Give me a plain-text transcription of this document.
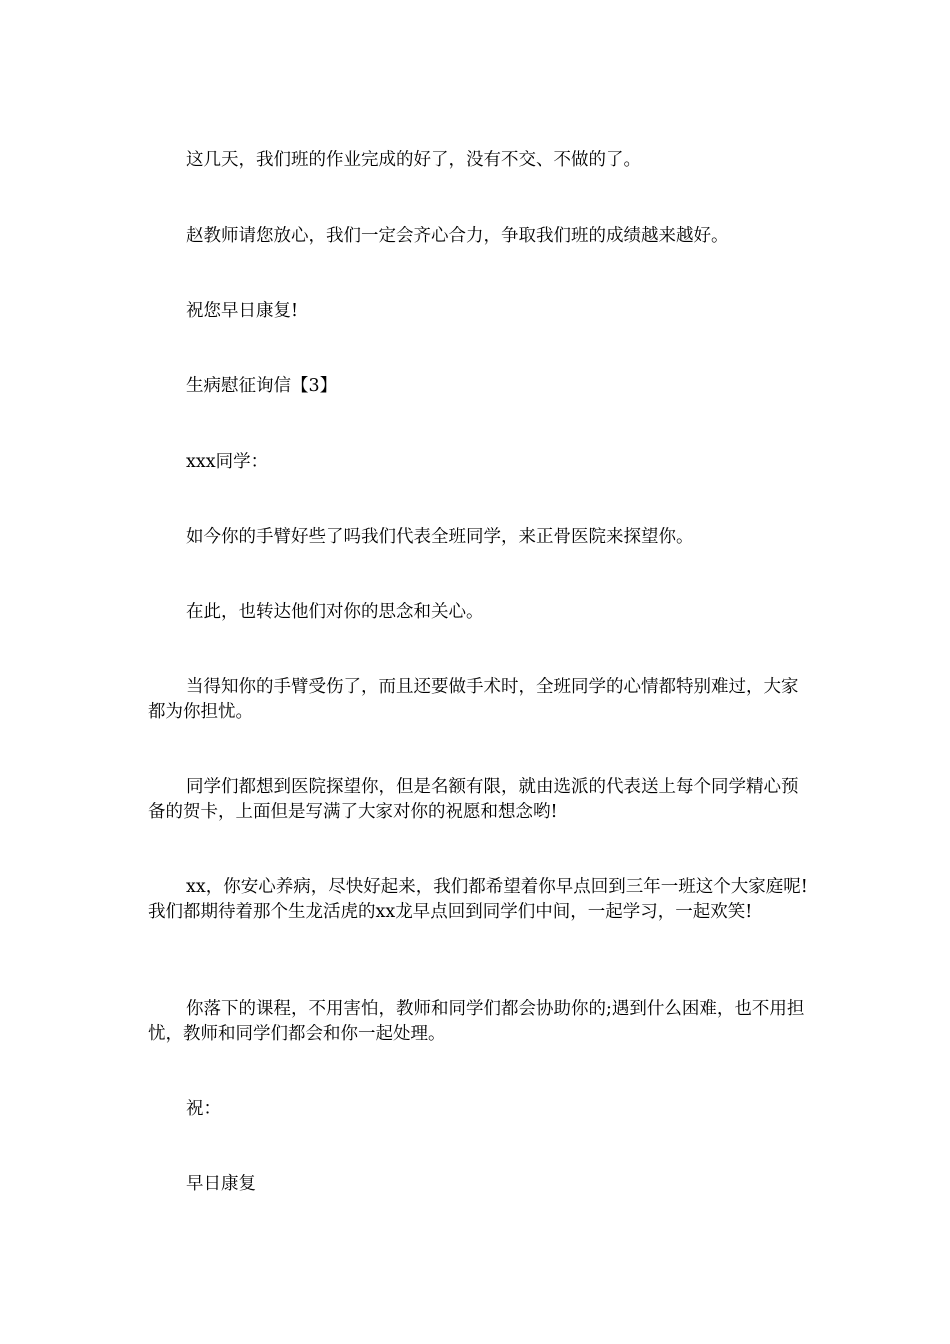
这几天，我们班的作业完成的好了，没有不交、不做的了。

赵教师请您放心，我们一定会齐心合力，争取我们班的成绩越来越好。

祝您早日康复!

生病慰征询信【3】

xxx同学：

如今你的手臂好些了吗我们代表全班同学，来正骨医院来探望你。

在此，也转达他们对你的思念和关心。

当得知你的手臂受伤了，而且还要做手术时，全班同学的心情都特别难过，大家都为你担忧。

同学们都想到医院探望你，但是名额有限，就由选派的代表送上每个同学精心预备的贺卡，上面但是写满了大家对你的祝愿和想念哟!

xx，你安心养病，尽快好起来，我们都希望着你早点回到三年一班这个大家庭呢!我们都期待着那个生龙活虎的xx龙早点回到同学们中间，一起学习，一起欢笑!

你落下的课程，不用害怕，教师和同学们都会协助你的;遇到什么困难，也不用担忧，教师和同学们都会和你一起处理。

祝：

早日康复
